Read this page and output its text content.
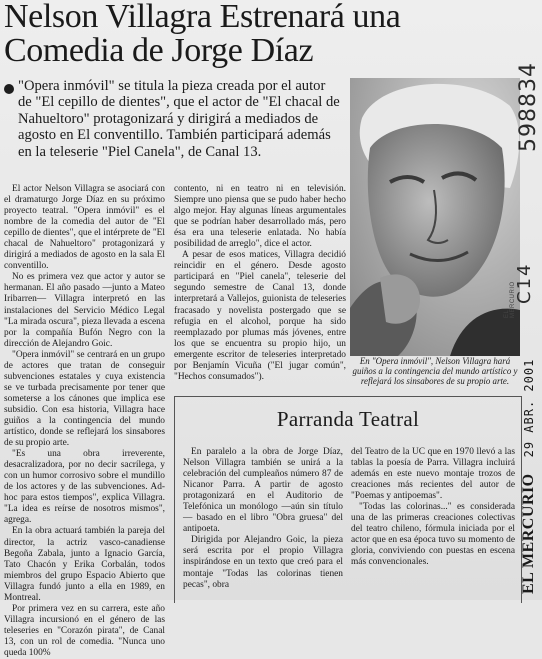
Nelson Villagra Estrenará una Comedia de Jorge Díaz

"Opera inmóvil" se titula la pieza creada por el autor de "El cepillo de dientes", que el actor de "El chacal de Nahueltoro" protagonizará y dirigirá a mediados de agosto en El conventillo. También participará además en la teleserie "Piel Canela", de Canal 13.

El actor Nelson Villagra se asociará con el dramaturgo Jorge Díaz en su próximo proyecto teatral. "Opera inmóvil" es el nombre de la comedia del autor de "El cepillo de dientes", que el intérprete de "El chacal de Nahueltoro" protagonizará y dirigirá a mediados de agosto en la sala El conventillo.

No es primera vez que actor y autor se hermanan. El año pasado —junto a Mateo Iribarren— Villagra interpretó en las instalaciones del Servicio Médico Legal "La mirada oscura", pieza llevada a escena por la compañía Bufón Negro con la dirección de Alejandro Goic.

"Opera inmóvil" se centrará en un grupo de actores que tratan de conseguir subvenciones estatales y cuya existencia se ve turbada precisamente por tener que someterse a los cánones que implica ese subsidio. Con esa historia, Villagra hace guiños a la contingencia del mundo artístico, donde se reflejará los sinsabores de su propio arte.

"Es una obra irreverente, desacralizadora, por no decir sacrílega, y con un humor corrosivo sobre el mundillo de los actores y de las subvenciones. Ad-hoc para estos tiempos", explica Villagra. "La idea es reírse de nosotros mismos", agrega.

En la obra actuará también la pareja del director, la actriz vasco-canadiense Begoña Zabala, junto a Ignacio García, Tato Chacón y Erika Corbalán, todos miembros del grupo Espacio Abierto que Villagra fundó junto a ella en 1989, en Montreal.

Por primera vez en su carrera, este año Villagra incursionó en el género de las teleseries en "Corazón pirata", de Canal 13, con un rol de comedia. "Nunca uno queda 100%

contento, ni en teatro ni en televisión. Siempre uno piensa que se pudo haber hecho algo mejor. Hay algunas líneas argumentales que se podrían haber desarrollado más, pero ésa era una teleserie enlatada. No había posibilidad de arreglo", dice el actor.

A pesar de esos matices, Villagra decidió reincidir en el género. Desde agosto participará en "Piel canela", teleserie del segundo semestre de Canal 13, donde interpretará a Vallejos, guionista de teleseries fracasado y novelista postergado que se refugia en el alcohol, porque ha sido reemplazado por plumas más jóvenes, entre los que se encuentra su propio hijo, un emergente escritor de teleseries interpretado por Benjamín Vicuña ("El jugar común", "Hechos consumados").

EL MERCURIO

En "Opera inmóvil", Nelson Villagra hará guiños a la contingencia del mundo artístico y reflejará los sinsabores de su propio arte.

Parranda Teatral

En paralelo a la obra de Jorge Díaz, Nelson Villagra también se unirá a la celebración del cumpleaños número 87 de Nicanor Parra. A partir de agosto protagonizará en el Auditorio de Telefónica un monólogo —aún sin título— basado en el libro "Obra gruesa" del antipoeta.

Dirigida por Alejandro Goic, la pieza será escrita por el propio Villagra inspirándose en un texto que creó para el montaje "Todas las colorinas tienen pecas", obra

del Teatro de la UC que en 1970 llevó a las tablas la poesía de Parra. Villagra incluirá además en este nuevo montaje trozos de creaciones más recientes del autor de "Poemas y antipoemas".

"Todas las colorinas..." es considerada una de las primeras creaciones colectivas del teatro chileno, fórmula iniciada por el actor que en esa época tuvo su momento de gloria, conviviendo con puestas en escena más convencionales.	EL MERCURIO29 ABR. 2001

598834
C14
